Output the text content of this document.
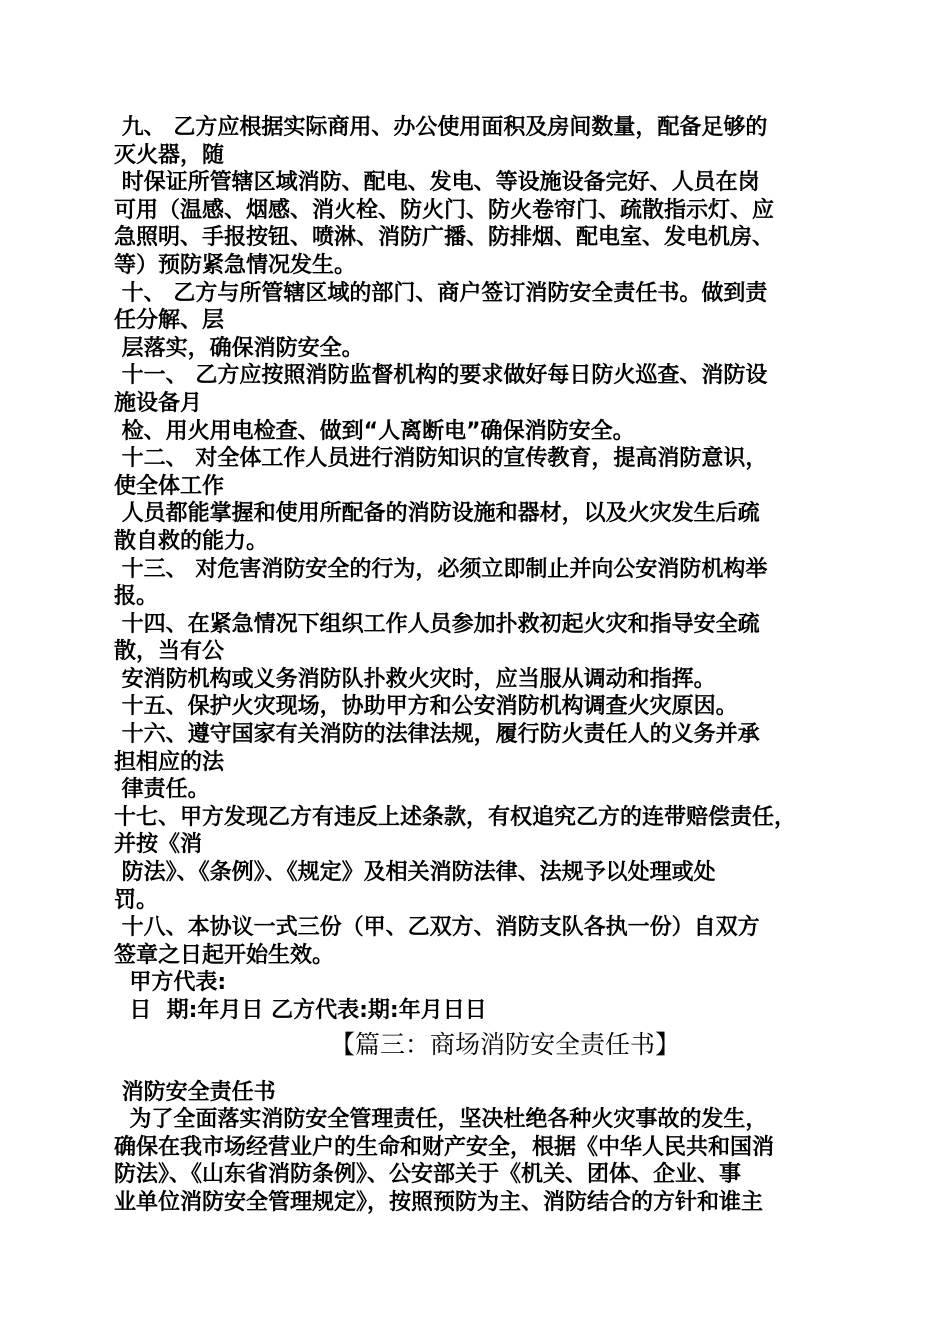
九、 乙方应根据实际商用、办公使用面积及房间数量，配备足够的
灭火器，随
时保证所管辖区域消防、配电、发电、等设施设备完好、人员在岗
可用（温感、烟感、消火栓、防火门、防火卷帘门、疏散指示灯、应
急照明、手报按钮、喷淋、消防广播、防排烟、配电室、发电机房、
等）预防紧急情况发生。
十、 乙方与所管辖区域的部门、商户签订消防安全责任书。做到责
任分解、层
层落实，确保消防安全。
十一、 乙方应按照消防监督机构的要求做好每日防火巡查、消防设
施设备月
检、用火用电检查、做到“人离断电”确保消防安全。
十二、 对全体工作人员进行消防知识的宣传教育，提高消防意识，
使全体工作
人员都能掌握和使用所配备的消防设施和器材，以及火灾发生后疏
散自救的能力。
十三、 对危害消防安全的行为，必须立即制止并向公安消防机构举
报。
十四、在紧急情况下组织工作人员参加扑救初起火灾和指导安全疏
散，当有公
安消防机构或义务消防队扑救火灾时，应当服从调动和指挥。
十五、保护火灾现场，协助甲方和公安消防机构调查火灾原因。
十六、遵守国家有关消防的法律法规，履行防火责任人的义务并承
担相应的法
律责任。
十七、甲方发现乙方有违反上述条款，有权追究乙方的连带赔偿责任，
并按《消
防法》、《条例》、《规定》及相关消防法律、法规予以处理或处
罚。
十八、本协议一式三份（甲、乙双方、消防支队各执一份）自双方
签章之日起开始生效。
甲方代表:
日  期:年月日 乙方代表:期:年月日日
【篇三：商场消防安全责任书】
消防安全责任书
为了全面落实消防安全管理责任，坚决杜绝各种火灾事故的发生，
确保在我市场经营业户的生命和财产安全，根据《中华人民共和国消
防法》、《山东省消防条例》、公安部关于《机关、团体、企业、事
业单位消防安全管理规定》，按照预防为主、消防结合的方针和谁主
